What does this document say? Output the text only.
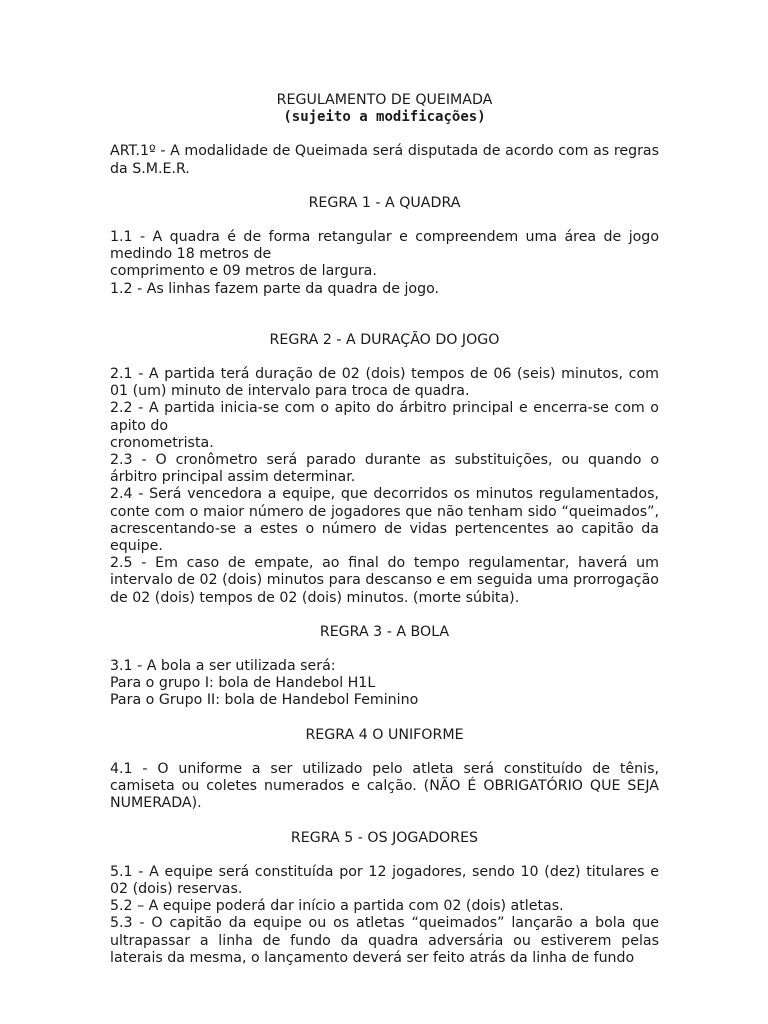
REGULAMENTO DE QUEIMADA

(sujeito a modificações)

ART.1º - A modalidade de Queimada será disputada de acordo com as regras da S.M.E.R.

REGRA 1 - A QUADRA

1.1 - A quadra é de forma retangular e compreendem uma área de jogo medindo 18 metros de

comprimento e 09 metros de largura.

1.2 - As linhas fazem parte da quadra de jogo.

REGRA 2 - A DURAÇÃO DO JOGO

2.1 - A partida terá duração de 02 (dois) tempos de 06 (seis) minutos, com 01 (um) minuto de intervalo para troca de quadra.

2.2 - A partida inicia-se com o apito do árbitro principal e encerra-se com o apito do

cronometrista.

2.3 - O cronômetro será parado durante as substituições, ou quando o árbitro principal assim determinar.

2.4 - Será vencedora a equipe, que decorridos os minutos regulamentados, conte com o maior número de jogadores que não tenham sido “queimados”, acrescentando-se a estes o número de vidas pertencentes ao capitão da equipe.

2.5 - Em caso de empate, ao final do tempo regulamentar, haverá um intervalo de 02 (dois) minutos para descanso e em seguida uma prorrogação de 02 (dois) tempos de 02 (dois) minutos. (morte súbita).

REGRA 3 - A BOLA

3.1 - A bola a ser utilizada será:

Para o grupo I: bola de Handebol H1L

Para o Grupo II: bola de Handebol Feminino

REGRA 4 O UNIFORME

4.1 - O uniforme a ser utilizado pelo atleta será constituído de tênis, camiseta ou coletes numerados e calção. (NÃO É OBRIGATÓRIO QUE SEJA NUMERADA).

REGRA 5 - OS JOGADORES

5.1 - A equipe será constituída por 12 jogadores, sendo 10 (dez) titulares e 02 (dois) reservas.

5.2 – A equipe poderá dar início a partida com 02 (dois) atletas.

5.3 - O capitão da equipe ou os atletas “queimados” lançarão a bola que ultrapassar a linha de fundo da quadra adversária ou estiverem pelas laterais da mesma, o lançamento deverá ser feito atrás da linha de fundo
